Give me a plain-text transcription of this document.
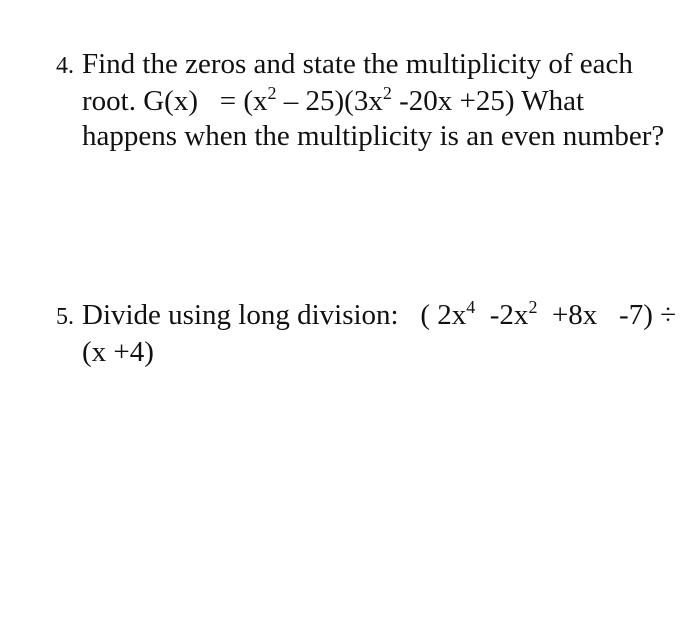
4. Find the zeros and state the multiplicity of each
root. $G(x) = (x^2 - 25)(3x^2$ -20x +25) What
happens when the multiplicity is an even number?
5. Divide using long division: ( $2x^4$  $-2x^2 +8x$ -7) ÷
(x +4)
